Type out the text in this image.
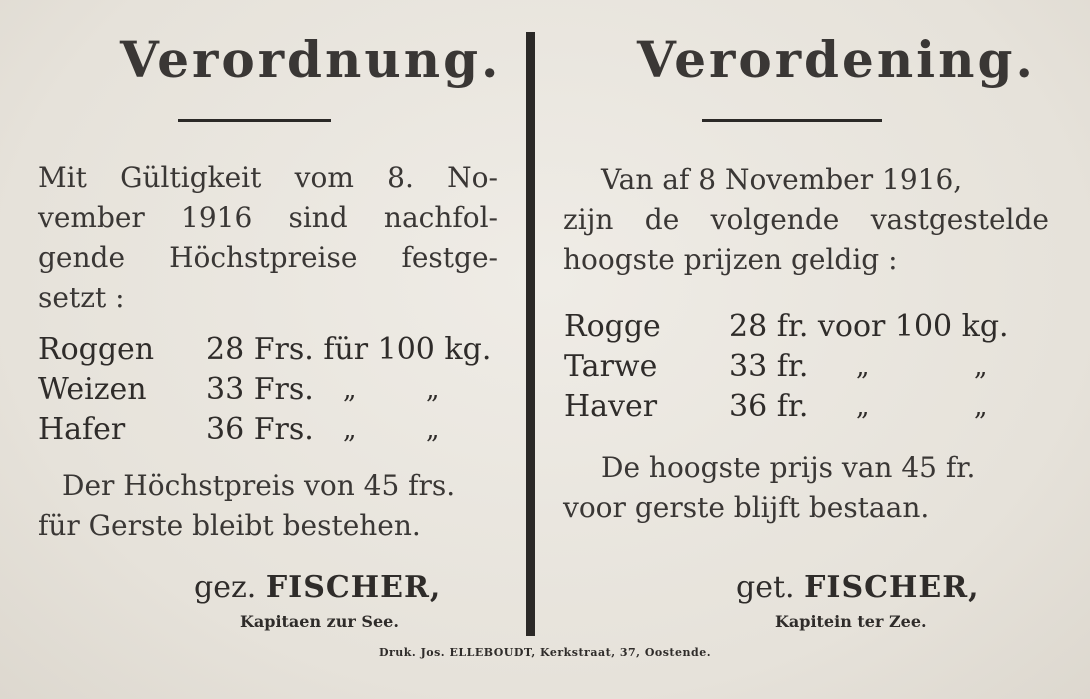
Verordnung.
Mit Gültigkeit vom 8. No-
vember 1916 sind nachfol-
gende Höchstpreise festge-
setzt :
Roggen 28 Frs. für 100 kg.
Weizen 33 Frs. „	„
Hafer	36 Frs. „	„
Der Höchstpreis von 45 frs.
für Gerste bleibt bestehen.
gez. FISCHER,
Kapitaen zur See.
Verordening.
Van af 8 November 1916,
zijn de volgende vastgestelde
hoogste prijzen geldig :
Rogge 28 fr. voor 100 kg.
Tarwe 33 fr. „	„
Haver 36 fr. „	„
De hoogste prijs van 45 fr.
voor gerste blijft bestaan.
get. FISCHER,
Kapitein ter Zee.
Druk. Jos. ELLEBOUDT, Kerkstraat, 37, Oostende.
